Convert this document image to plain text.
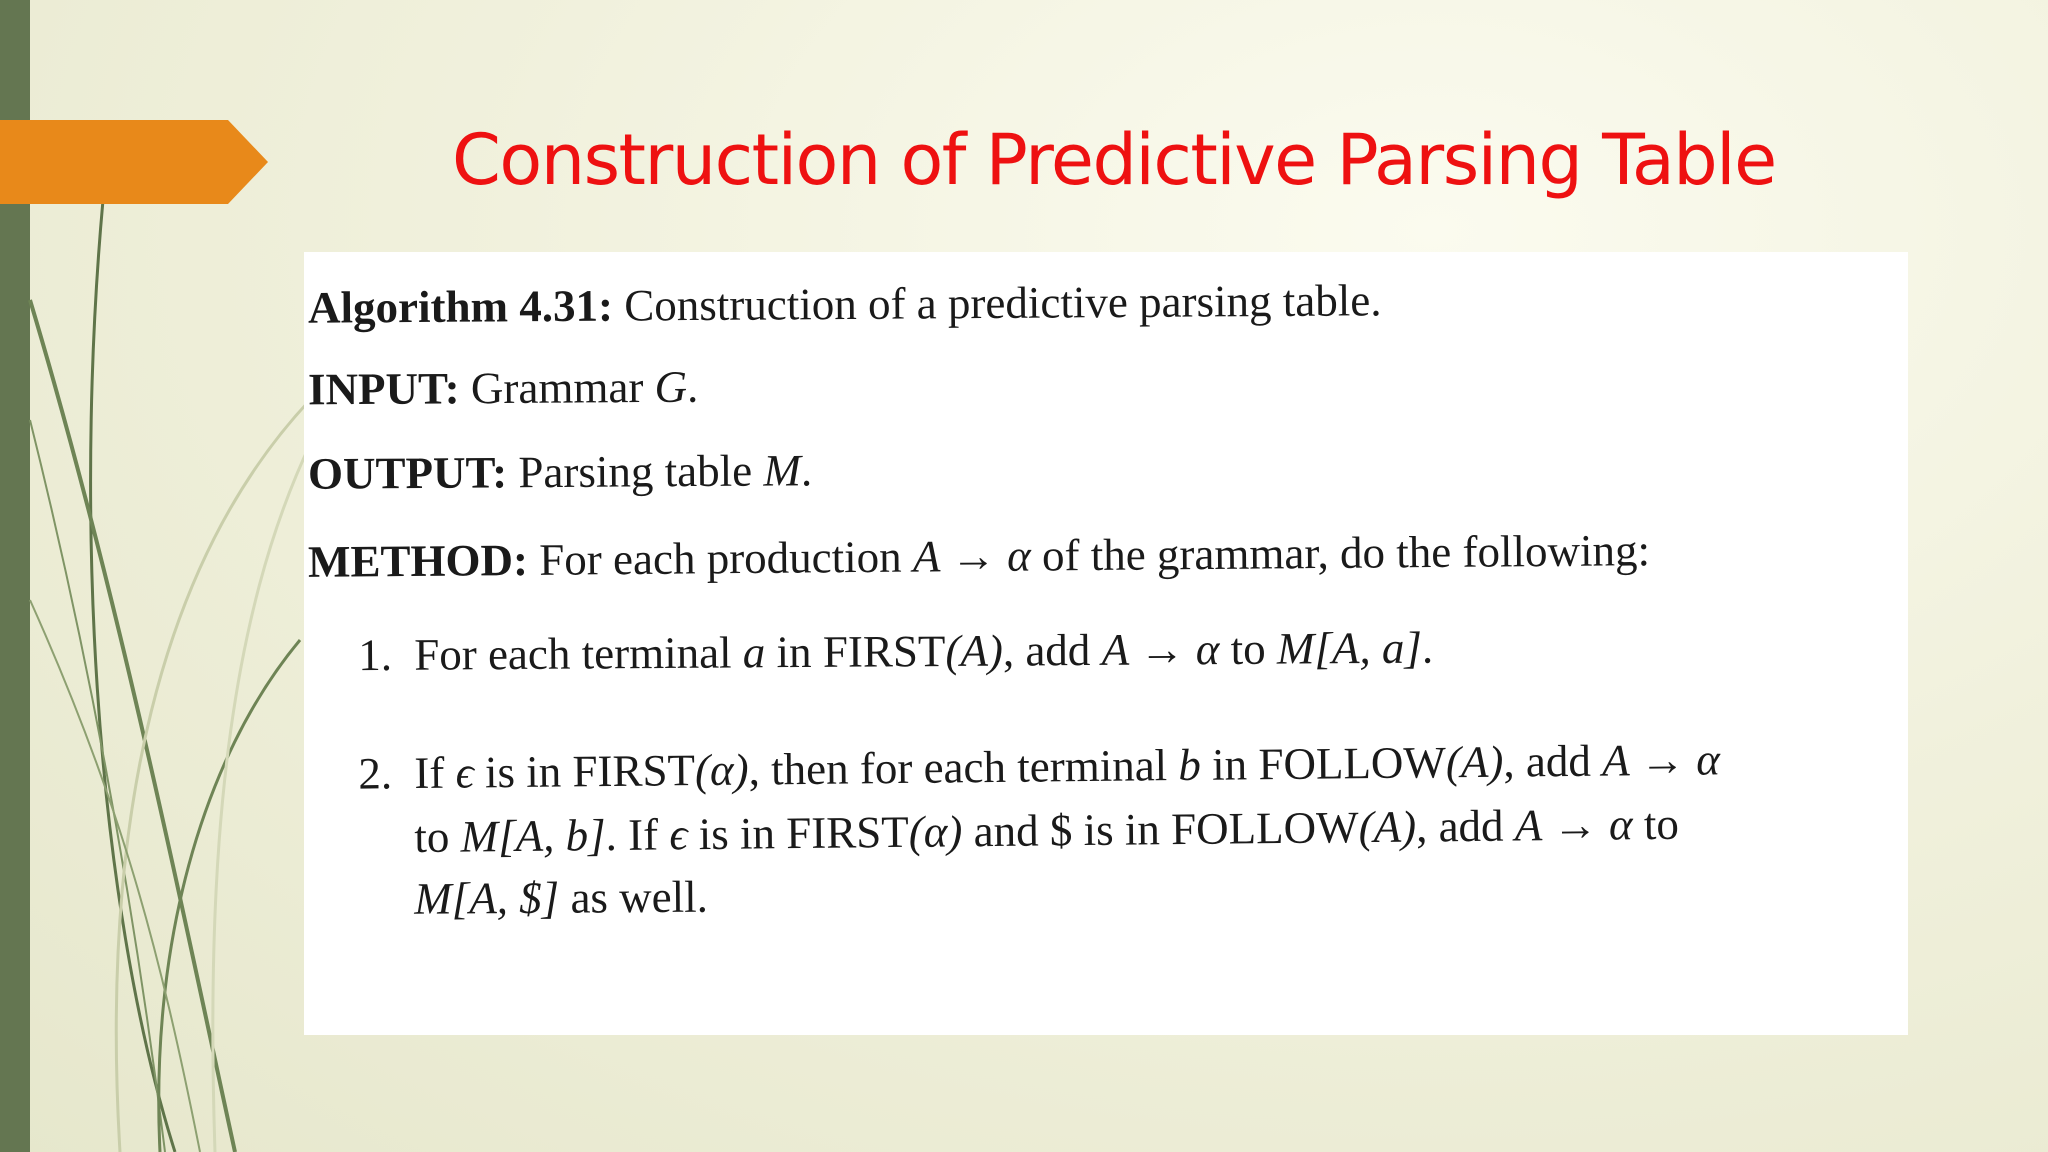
Construction of Predictive Parsing Table
Algorithm 4.31: Construction of a predictive parsing table.
INPUT: Grammar G.
OUTPUT: Parsing table M.
METHOD: For each production A → α of the grammar, do the following:
1. For each terminal a in FIRST(A), add A → α to M[A, a].
2. If ϵ is in FIRST(α), then for each terminal b in FOLLOW(A), add A → α
to M[A, b]. If ϵ is in FIRST(α) and $ is in FOLLOW(A), add A → α to
M[A, $] as well.
